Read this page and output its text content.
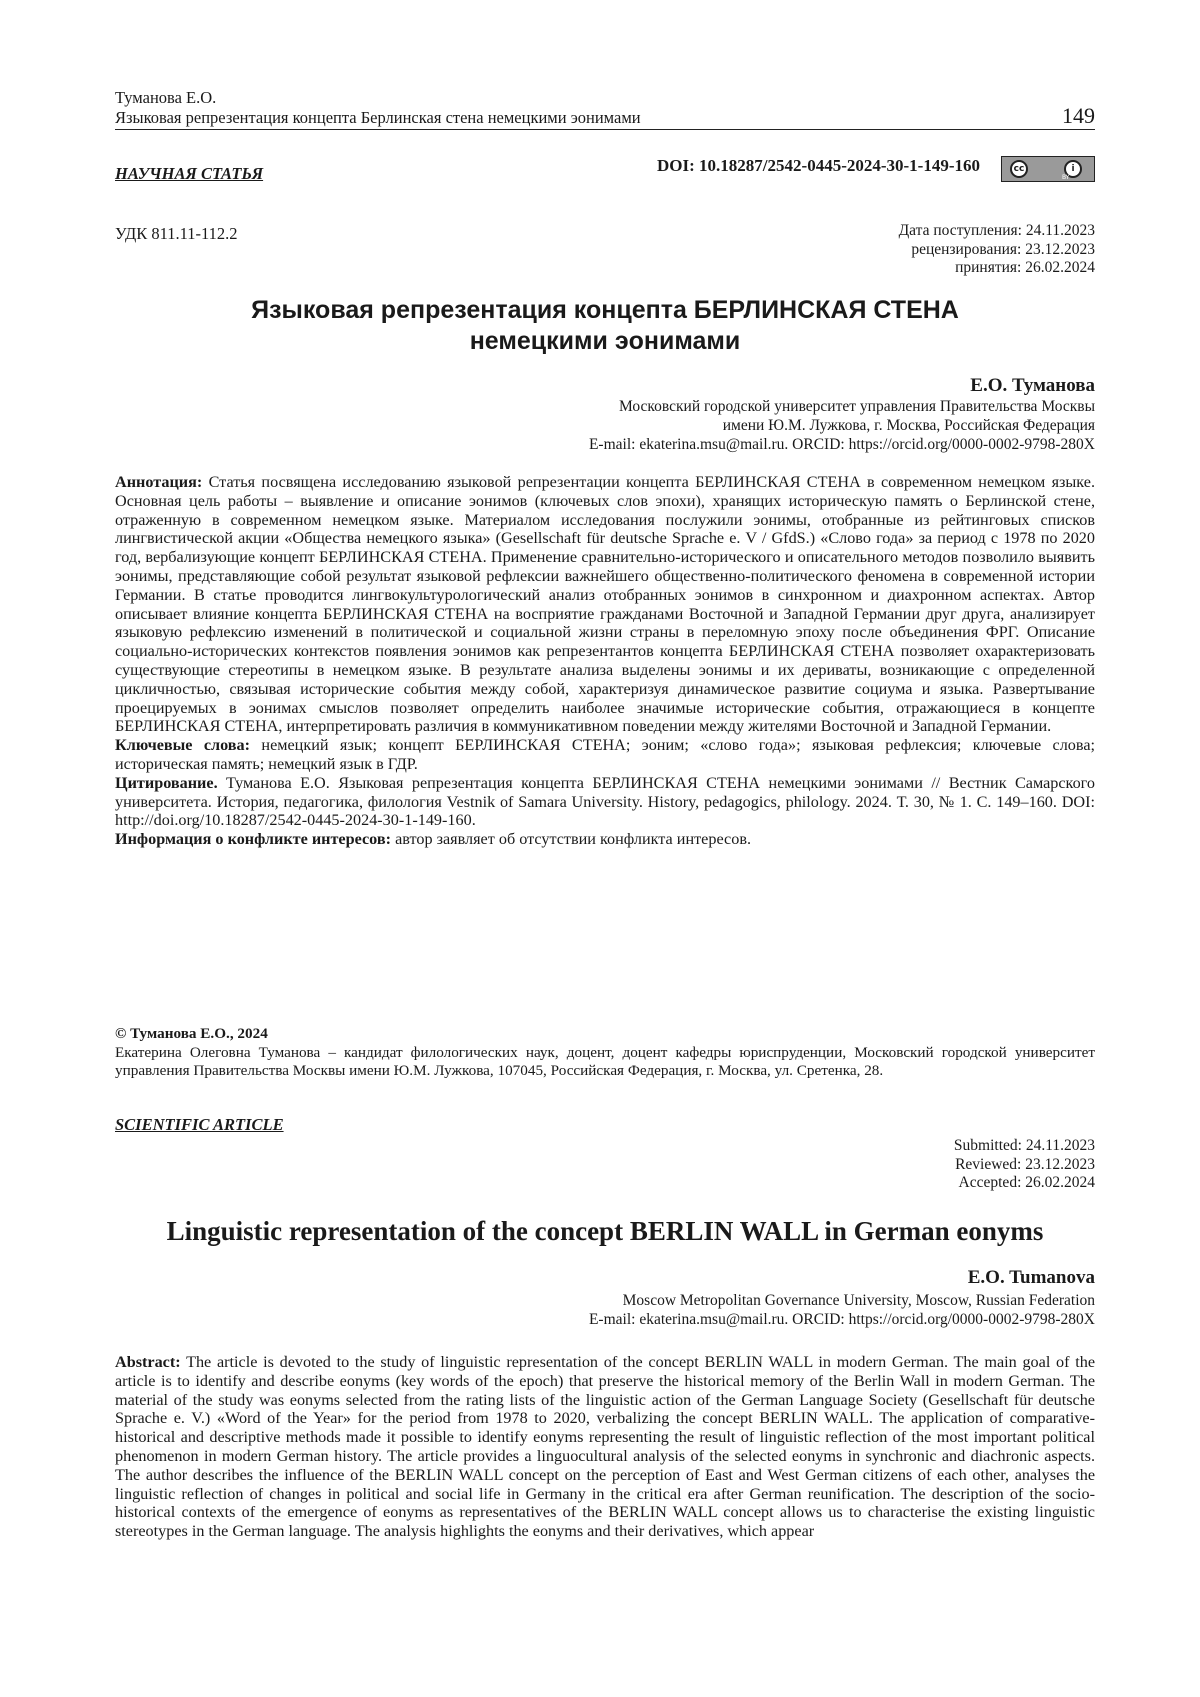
Туманова Е.О.
Языковая репрезентация концепта Берлинская стена немецкими эонимами	149
DOI: 10.18287/2542-0445-2024-30-1-149-160	cc	i
BY
НАУЧНАЯ СТАТЬЯ
УДК 811.11-112.2	Дата поступления: 24.11.2023
рецензирования: 23.12.2023
принятия: 26.02.2024
Языковая репрезентация концепта БЕРЛИНСКАЯ СТЕНА
немецкими эонимами
Е.О. Туманова
Московский городской университет управления Правительства Москвы
имени Ю.М. Лужкова, г. Москва, Российская Федерация
E-mail: ekaterina.msu@mail.ru. ORCID: https://orcid.org/0000-0002-9798-280X

Аннотация: Статья посвящена исследованию языковой репрезентации концепта БЕРЛИНСКАЯ СТЕНА в современном немецком языке. Основная цель работы – выявление и описание эонимов (ключевых слов эпохи), хранящих историческую память о Берлинской стене, отраженную в современном немецком языке. Материалом исследования послужили эонимы, отобранные из рейтинговых списков лингвистической акции «Общества немецкого языка» (Gesellschaft für deutsche Sprache e. V / GfdS.) «Слово года» за период с 1978 по 2020 год, вербализующие концепт БЕРЛИНСКАЯ СТЕНА. Применение сравнительно-исторического и описательного методов позволило выявить эонимы, представляющие собой результат языковой рефлексии важнейшего общественно-политического феномена в современной истории Германии. В статье проводится лингвокультурологический анализ отобранных эонимов в синхронном и диахронном аспектах. Автор описывает влияние концепта БЕРЛИНСКАЯ СТЕНА на восприятие гражданами Восточной и Западной Германии друг друга, анализирует языковую рефлексию изменений в политической и социальной жизни страны в переломную эпоху после объединения ФРГ. Описание социально-исторических контекстов появления эонимов как репрезентантов концепта БЕРЛИНСКАЯ СТЕНА позволяет охарактеризовать существующие стереотипы в немецком языке. В результате анализа выделены эонимы и их дериваты, возникающие с определенной цикличностью, связывая исторические события между собой, характеризуя динамическое развитие социума и языка. Развертывание проецируемых в эонимах смыслов позволяет определить наиболее значимые исторические события, отражающиеся в концепте БЕРЛИНСКАЯ СТЕНА, интерпретировать различия в коммуникативном поведении между жителями Восточной и Западной Германии.

Ключевые слова: немецкий язык; концепт БЕРЛИНСКАЯ СТЕНА; эоним; «слово года»; языковая рефлексия; ключевые слова; историческая память; немецкий язык в ГДР.

Цитирование. Туманова Е.О. Языковая репрезентация концепта БЕРЛИНСКАЯ СТЕНА немецкими эонимами // Вестник Самарского университета. История, педагогика, филология Vestnik of Samara University. History, pedagogics, philology. 2024. Т. 30, № 1. С. 149–160. DOI: http://doi.org/10.18287/2542-0445-2024-30-1-149-160.

Информация о конфликте интересов: автор заявляет об отсутствии конфликта интересов.

© Туманова Е.О., 2024

Екатерина Олеговна Туманова – кандидат филологических наук, доцент, доцент кафедры юриспруденции, Московский городской университет управления Правительства Москвы имени Ю.М. Лужкова, 107045, Российская Федерация, г. Москва, ул. Сретенка, 28.

SCIENTIFIC ARTICLE
Submitted: 24.11.2023
Reviewed: 23.12.2023
Accepted: 26.02.2024
Linguistic representation of the concept BERLIN WALL in German eonyms
E.O. Tumanova
Moscow Metropolitan Governance University, Moscow, Russian Federation
E-mail: ekaterina.msu@mail.ru. ORCID: https://orcid.org/0000-0002-9798-280X

Abstract: The article is devoted to the study of linguistic representation of the concept BERLIN WALL in modern German. The main goal of the article is to identify and describe eonyms (key words of the epoch) that preserve the historical memory of the Berlin Wall in modern German. The material of the study was eonyms selected from the rating lists of the linguistic action of the German Language Society (Gesellschaft für deutsche Sprache e. V.) «Word of the Year» for the period from 1978 to 2020, verbalizing the concept BERLIN WALL. The application of comparative-historical and descriptive methods made it possible to identify eonyms representing the result of linguistic reflection of the most important political phenomenon in modern German history. The article provides a linguocultural analysis of the selected eonyms in synchronic and diachronic aspects. The author describes the influence of the BERLIN WALL concept on the perception of East and West German citizens of each other, analyses the linguistic reflection of changes in political and social life in Germany in the critical era after German reunification. The description of the socio-historical contexts of the emergence of eonyms as representatives of the BERLIN WALL concept allows us to characterise the existing linguistic stereotypes in the German language. The analysis highlights the eonyms and their derivatives, which appear
